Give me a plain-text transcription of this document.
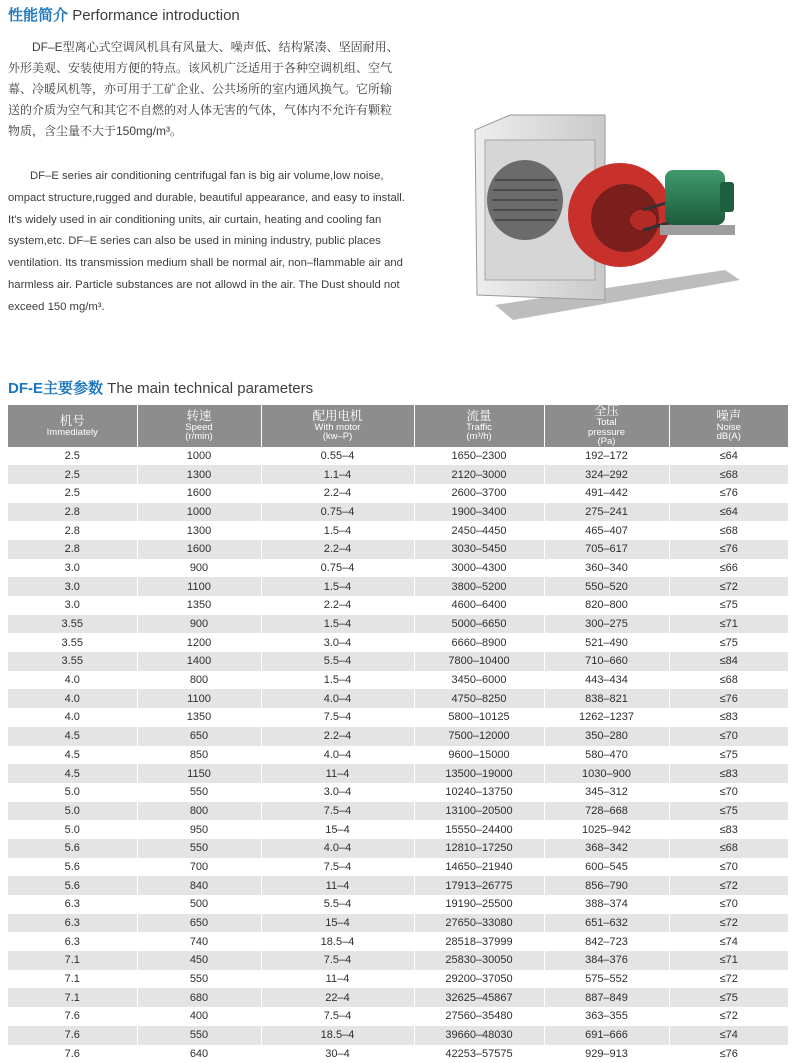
性能简介 Performance introduction

DF–E型离心式空调风机具有风量大、噪声低、结构紧凑、坚固耐用、外形美观、安装使用方便的特点。该风机广泛适用于各种空调机组、空气幕、冷暖风机等，亦可用于工矿企业、公共场所的室内通风换气。它所输送的介质为空气和其它不自燃的对人体无害的气体，气体内不允许有颗粒物质，含尘量不大于150mg/m³。

DF–E series air conditioning centrifugal fan is big air volume,low noise, ompact structure,rugged and durable, beautiful appearance, and easy to install. It's widely used in air conditioning units, air curtain, heating and cooling fan system,etc. DF–E series can also be used in mining industry, public places ventilation. Its transmission medium shall be normal air, non–flammable air and harmless air. Particle substances are not allowd in the air. The Dust should not exceed 150 mg/m³.

DF-E主要参数 The main technical parameters
机号
Immediately	转速
Speed
(r/min)	配用电机
With motor
(kw–P)	流量
Traffic
(m³/h)	全压
Total
pressure
(Pa)	噪声
Noise
dB(A)

2.5	1000	0.55–4	1650–2300	192–172	≤64
2.5	1300	1.1–4	2120–3000	324–292	≤68
2.5	1600	2.2–4	2600–3700	491–442	≤76
2.8	1000	0.75–4	1900–3400	275–241	≤64
2.8	1300	1.5–4	2450–4450	465–407	≤68
2.8	1600	2.2–4	3030–5450	705–617	≤76
3.0	900	0.75–4	3000–4300	360–340	≤66
3.0	1100	1.5–4	3800–5200	550–520	≤72
3.0	1350	2.2–4	4600–6400	820–800	≤75
3.55	900	1.5–4	5000–6650	300–275	≤71
3.55	1200	3.0–4	6660–8900	521–490	≤75
3.55	1400	5.5–4	7800–10400	710–660	≤84
4.0	800	1.5–4	3450–6000	443–434	≤68
4.0	1100	4.0–4	4750–8250	838–821	≤76
4.0	1350	7.5–4	5800–10125	1262–1237	≤83
4.5	650	2.2–4	7500–12000	350–280	≤70
4.5	850	4.0–4	9600–15000	580–470	≤75
4.5	1150	11–4	13500–19000	1030–900	≤83
5.0	550	3.0–4	10240–13750	345–312	≤70
5.0	800	7.5–4	13100–20500	728–668	≤75
5.0	950	15–4	15550–24400	1025–942	≤83
5.6	550	4.0–4	12810–17250	368–342	≤68
5.6	700	7.5–4	14650–21940	600–545	≤70
5.6	840	11–4	17913–26775	856–790	≤72
6.3	500	5.5–4	19190–25500	388–374	≤70
6.3	650	15–4	27650–33080	651–632	≤72
6.3	740	18.5–4	28518–37999	842–723	≤74
7.1	450	7.5–4	25830–30050	384–376	≤71
7.1	550	11–4	29200–37050	575–552	≤72
7.1	680	22–4	32625–45867	887–849	≤75
7.6	400	7.5–4	27560–35480	363–355	≤72
7.6	550	18.5–4	39660–48030	691–666	≤74
7.6	640	30–4	42253–57575	929–913	≤76
